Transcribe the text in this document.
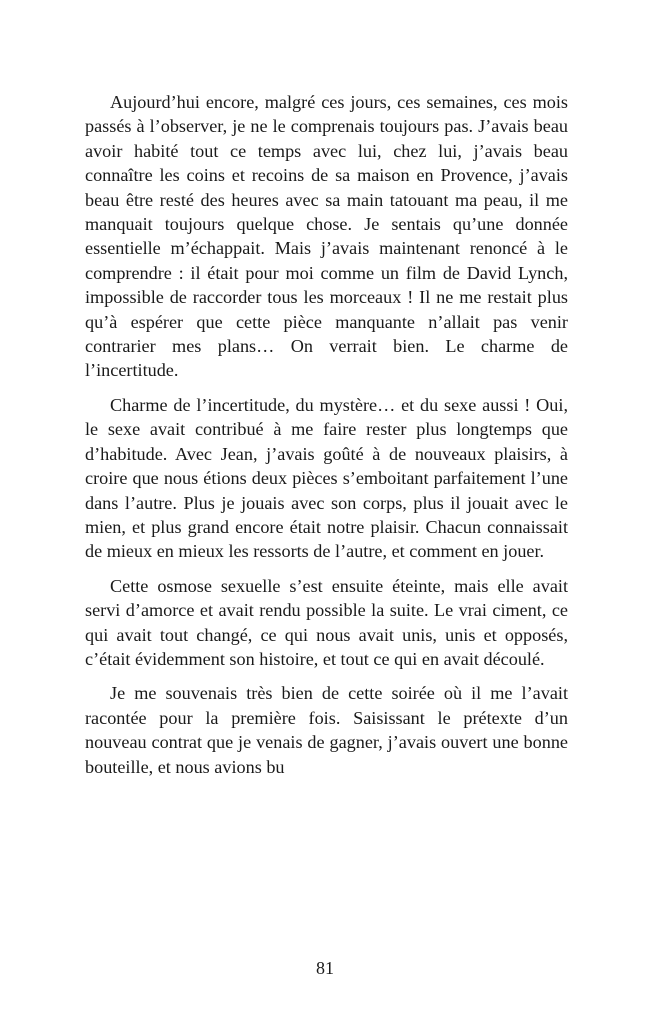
Aujourd’hui encore, malgré ces jours, ces semaines, ces mois passés à l’observer, je ne le comprenais toujours pas. J’avais beau avoir habité tout ce temps avec lui, chez lui, j’avais beau connaître les coins et recoins de sa maison en Provence, j’avais beau être resté des heures avec sa main tatouant ma peau, il me manquait toujours quelque chose. Je sentais qu’une donnée essentielle m’échappait. Mais j’avais maintenant renoncé à le comprendre : il était pour moi comme un film de David Lynch, impossible de raccorder tous les morceaux ! Il ne me restait plus qu’à espérer que cette pièce manquante n’allait pas venir contrarier mes plans… On verrait bien. Le charme de l’incertitude.

Charme de l’incertitude, du mystère… et du sexe aussi ! Oui, le sexe avait contribué à me faire rester plus longtemps que d’habitude. Avec Jean, j’avais goûté à de nouveaux plaisirs, à croire que nous étions deux pièces s’emboitant parfaitement l’une dans l’autre. Plus je jouais avec son corps, plus il jouait avec le mien, et plus grand encore était notre plaisir. Chacun connaissait de mieux en mieux les ressorts de l’autre, et comment en jouer.

Cette osmose sexuelle s’est ensuite éteinte, mais elle avait servi d’amorce et avait rendu possible la suite. Le vrai ciment, ce qui avait tout changé, ce qui nous avait unis, unis et opposés, c’était évidemment son histoire, et tout ce qui en avait découlé.

Je me souvenais très bien de cette soirée où il me l’avait racontée pour la première fois. Saisissant le prétexte d’un nouveau contrat que je venais de gagner, j’avais ouvert une bonne bouteille, et nous avions bu

81
